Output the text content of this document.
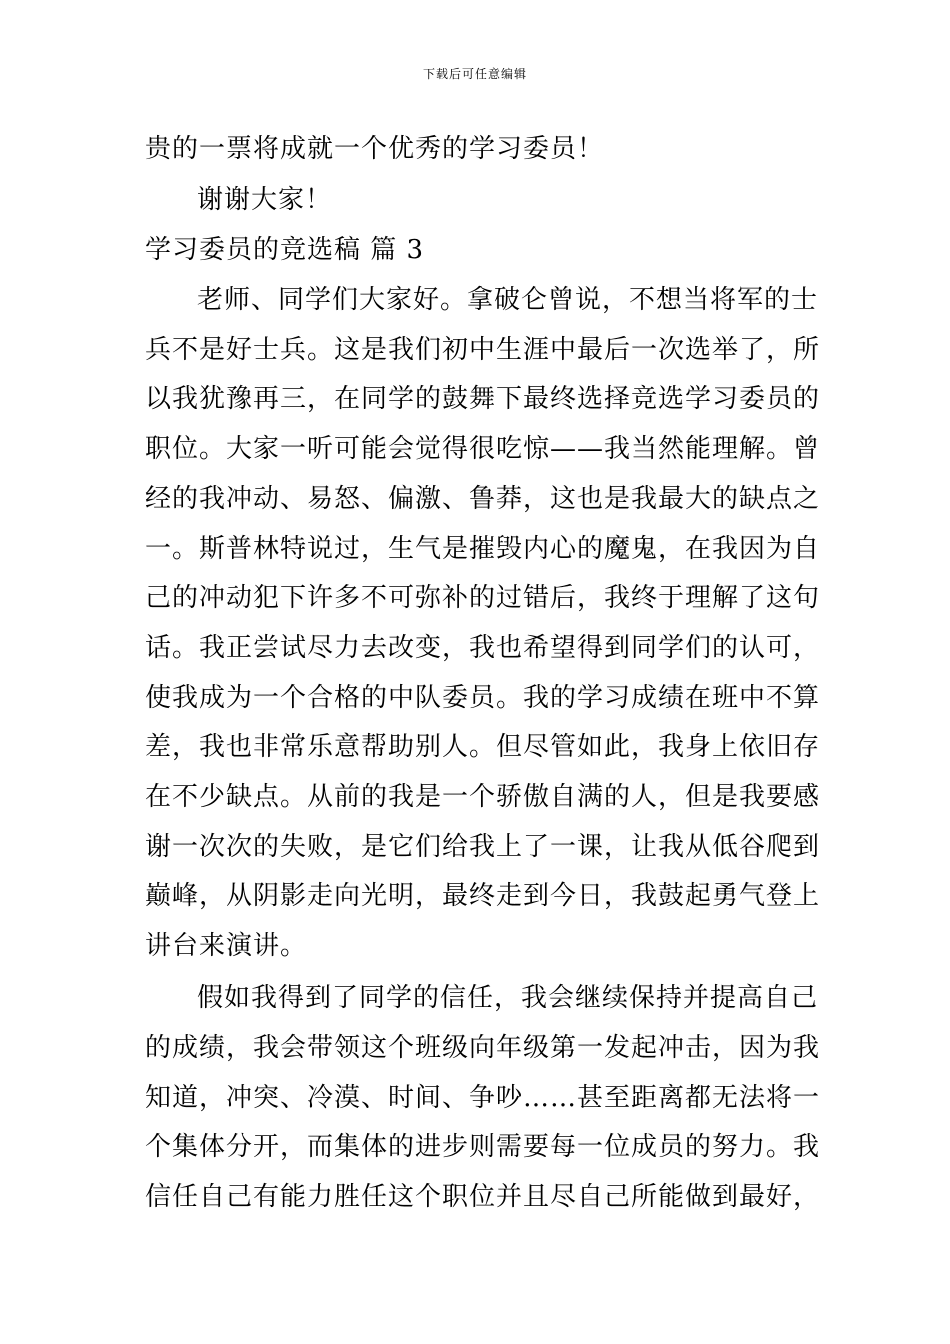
下载后可任意编辑
贵的一票将成就一个优秀的学习委员！
谢谢大家！
学习委员的竞选稿 篇 3
老师、同学们大家好。拿破仑曾说，不想当将军的士
兵不是好士兵。这是我们初中生涯中最后一次选举了，所
以我犹豫再三，在同学的鼓舞下最终选择竞选学习委员的
职位。大家一听可能会觉得很吃惊——我当然能理解。曾
经的我冲动、易怒、偏激、鲁莽，这也是我最大的缺点之
一。斯普林特说过，生气是摧毁内心的魔鬼，在我因为自
己的冲动犯下许多不可弥补的过错后，我终于理解了这句
话。我正尝试尽力去改变，我也希望得到同学们的认可，
使我成为一个合格的中队委员。我的学习成绩在班中不算
差，我也非常乐意帮助别人。但尽管如此，我身上依旧存
在不少缺点。从前的我是一个骄傲自满的人，但是我要感
谢一次次的失败，是它们给我上了一课，让我从低谷爬到
巅峰，从阴影走向光明，最终走到今日，我鼓起勇气登上
讲台来演讲。
假如我得到了同学的信任，我会继续保持并提高自己
的成绩，我会带领这个班级向年级第一发起冲击，因为我
知道，冲突、冷漠、时间、争吵……甚至距离都无法将一
个集体分开，而集体的进步则需要每一位成员的努力。我
信任自己有能力胜任这个职位并且尽自己所能做到最好，
